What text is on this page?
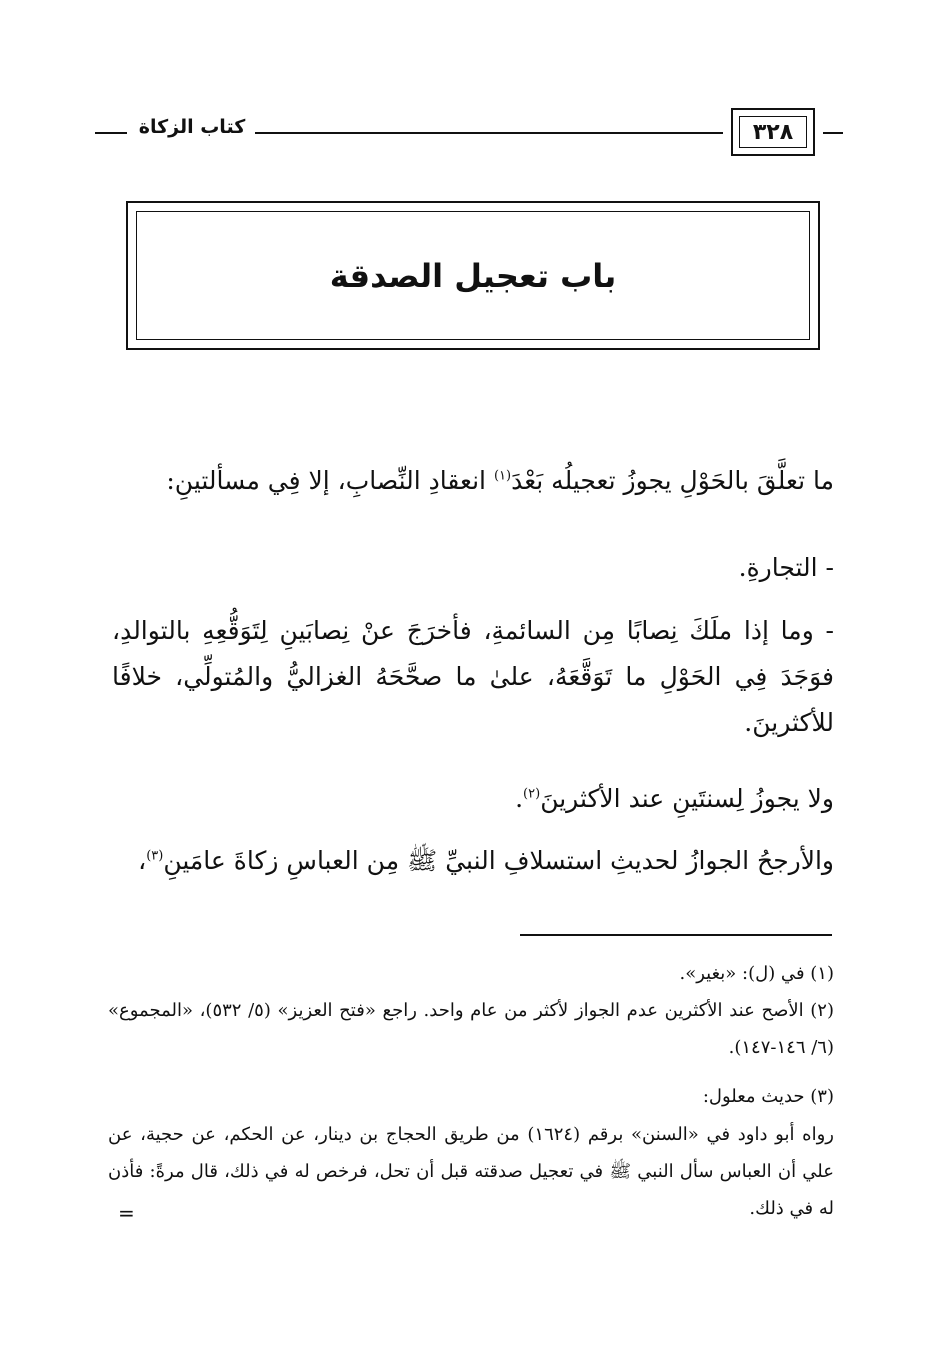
كتاب الزكاة	٣٢٨
باب تعجيل الصدقة
ما تعلَّقَ بالحَوْلِ يجوزُ تعجيلُه بَعْدَ$^{(١)}$ انعقادِ النِّصابِ، إلا فِي مسألتينِ:
- التجارةِ.
- وما إذا ملَكَ نِصابًا مِن السائمةِ، فأخرَجَ عنْ نِصابَينِ لِتَوَقُّعِهِ بالتوالدِ، فوَجَدَ فِي الحَوْلِ ما تَوَقَّعَهُ، علىٰ ما صحَّحَهُ الغزاليُّ والمُتولِّي، خلافًا للأكثرينَ.
ولا يجوزُ لِسنتَينِ عند الأكثرينَ$^{(٢)}$.
والأرجحُ الجوازُ لحديثِ استسلافِ النبيِّ ﷺ مِن العباسِ زكاةَ عامَينِ$^{(٣)}$،
(١) في (ل): «بغير».
(٢) الأصح عند الأكثرين عدم الجواز لأكثر من عام واحد. راجع «فتح العزيز» (٥/ ٥٣٢)، «المجموع» (٦/ ١٤٦-١٤٧).
(٣) حديث معلول:
رواه أبو داود في «السنن» برقم (١٦٢٤) من طريق الحجاج بن دينار، عن الحكم، عن حجية، عن علي أن العباس سأل النبي ﷺ في تعجيل صدقته قبل أن تحل، فرخص له في ذلك، قال مرةً: فأذن له في ذلك.
=
